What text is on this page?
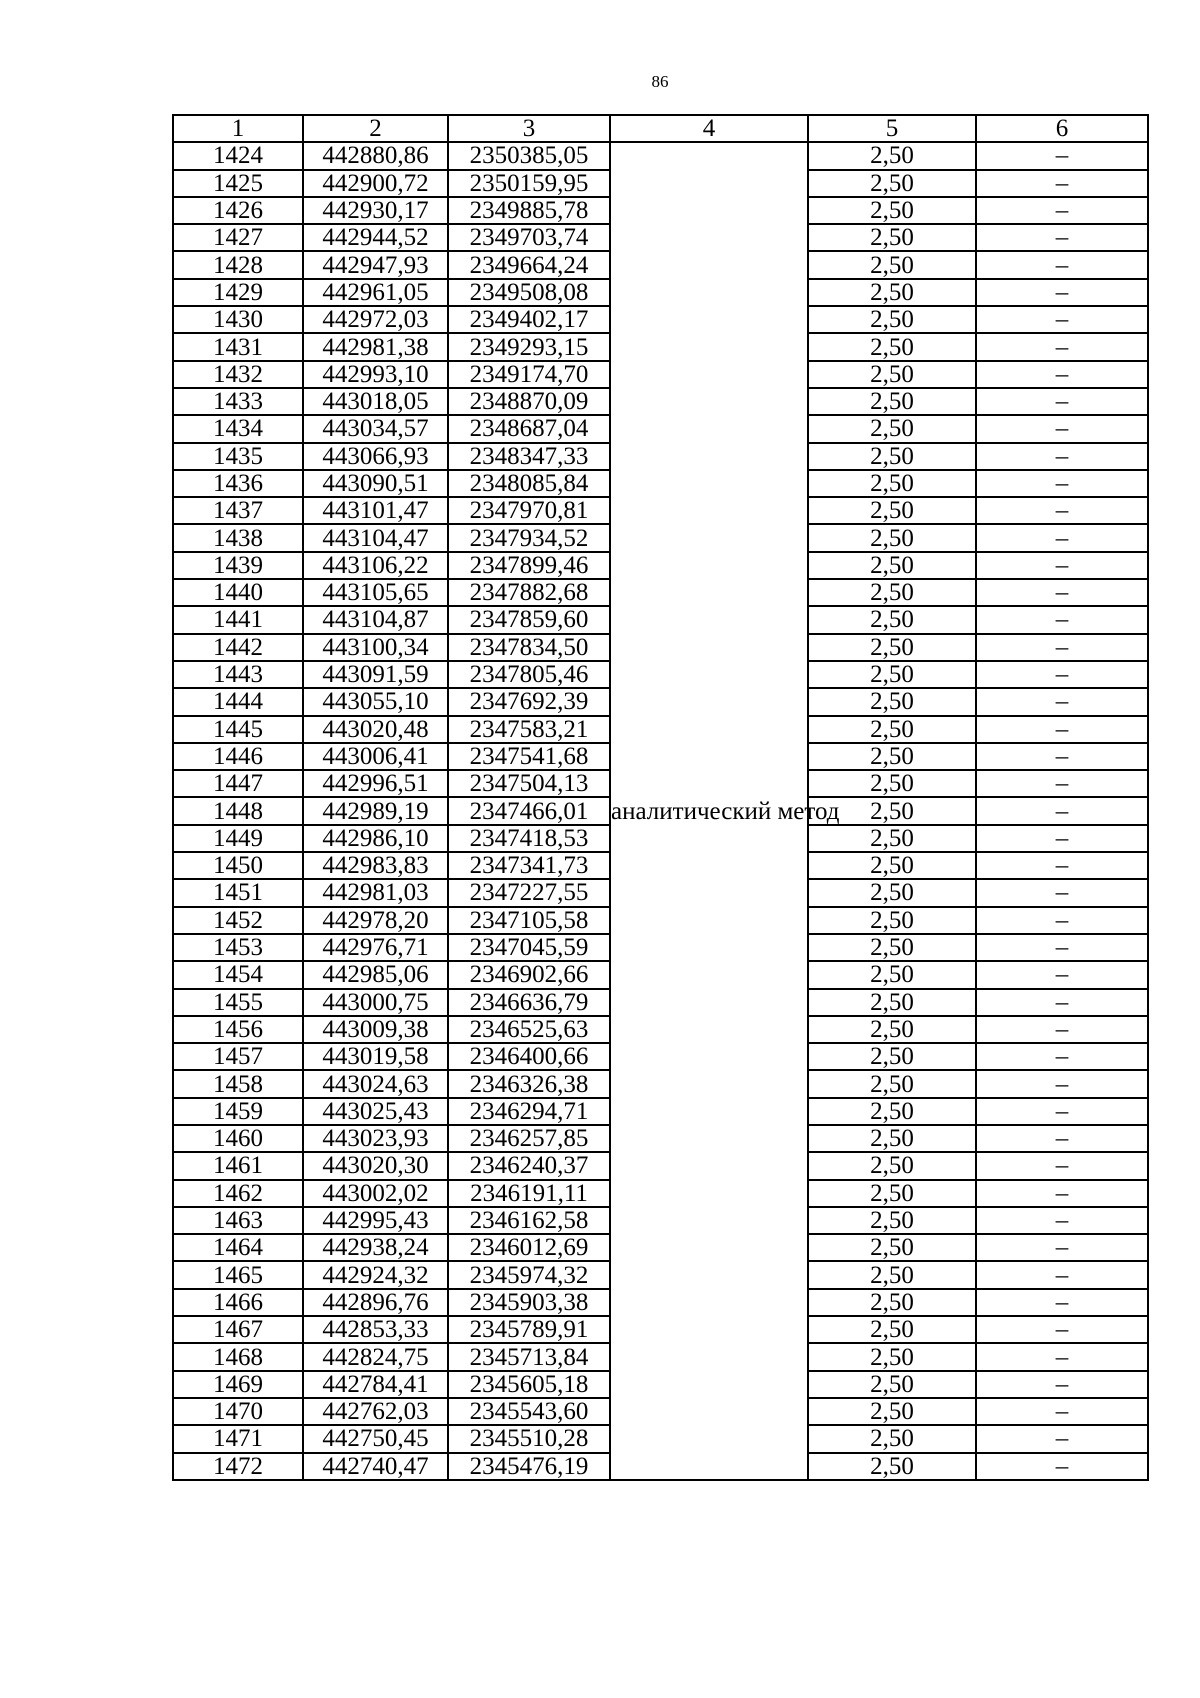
86
1	2	3	4	5	6
1424	442880,86	2350385,05	аналитический метод	2,50	–
1425	442900,72	2350159,95		2,50	–
1426	442930,17	2349885,78		2,50	–
1427	442944,52	2349703,74		2,50	–
1428	442947,93	2349664,24		2,50	–
1429	442961,05	2349508,08		2,50	–
1430	442972,03	2349402,17		2,50	–
1431	442981,38	2349293,15		2,50	–
1432	442993,10	2349174,70		2,50	–
1433	443018,05	2348870,09		2,50	–
1434	443034,57	2348687,04		2,50	–
1435	443066,93	2348347,33		2,50	–
1436	443090,51	2348085,84		2,50	–
1437	443101,47	2347970,81		2,50	–
1438	443104,47	2347934,52		2,50	–
1439	443106,22	2347899,46		2,50	–
1440	443105,65	2347882,68		2,50	–
1441	443104,87	2347859,60		2,50	–
1442	443100,34	2347834,50		2,50	–
1443	443091,59	2347805,46		2,50	–
1444	443055,10	2347692,39		2,50	–
1445	443020,48	2347583,21		2,50	–
1446	443006,41	2347541,68		2,50	–
1447	442996,51	2347504,13		2,50	–
1448	442989,19	2347466,01		2,50	–
1449	442986,10	2347418,53		2,50	–
1450	442983,83	2347341,73		2,50	–
1451	442981,03	2347227,55		2,50	–
1452	442978,20	2347105,58		2,50	–
1453	442976,71	2347045,59		2,50	–
1454	442985,06	2346902,66		2,50	–
1455	443000,75	2346636,79		2,50	–
1456	443009,38	2346525,63		2,50	–
1457	443019,58	2346400,66		2,50	–
1458	443024,63	2346326,38		2,50	–
1459	443025,43	2346294,71		2,50	–
1460	443023,93	2346257,85		2,50	–
1461	443020,30	2346240,37		2,50	–
1462	443002,02	2346191,11		2,50	–
1463	442995,43	2346162,58		2,50	–
1464	442938,24	2346012,69		2,50	–
1465	442924,32	2345974,32		2,50	–
1466	442896,76	2345903,38		2,50	–
1467	442853,33	2345789,91		2,50	–
1468	442824,75	2345713,84		2,50	–
1469	442784,41	2345605,18		2,50	–
1470	442762,03	2345543,60		2,50	–
1471	442750,45	2345510,28		2,50	–
1472	442740,47	2345476,19		2,50	–
